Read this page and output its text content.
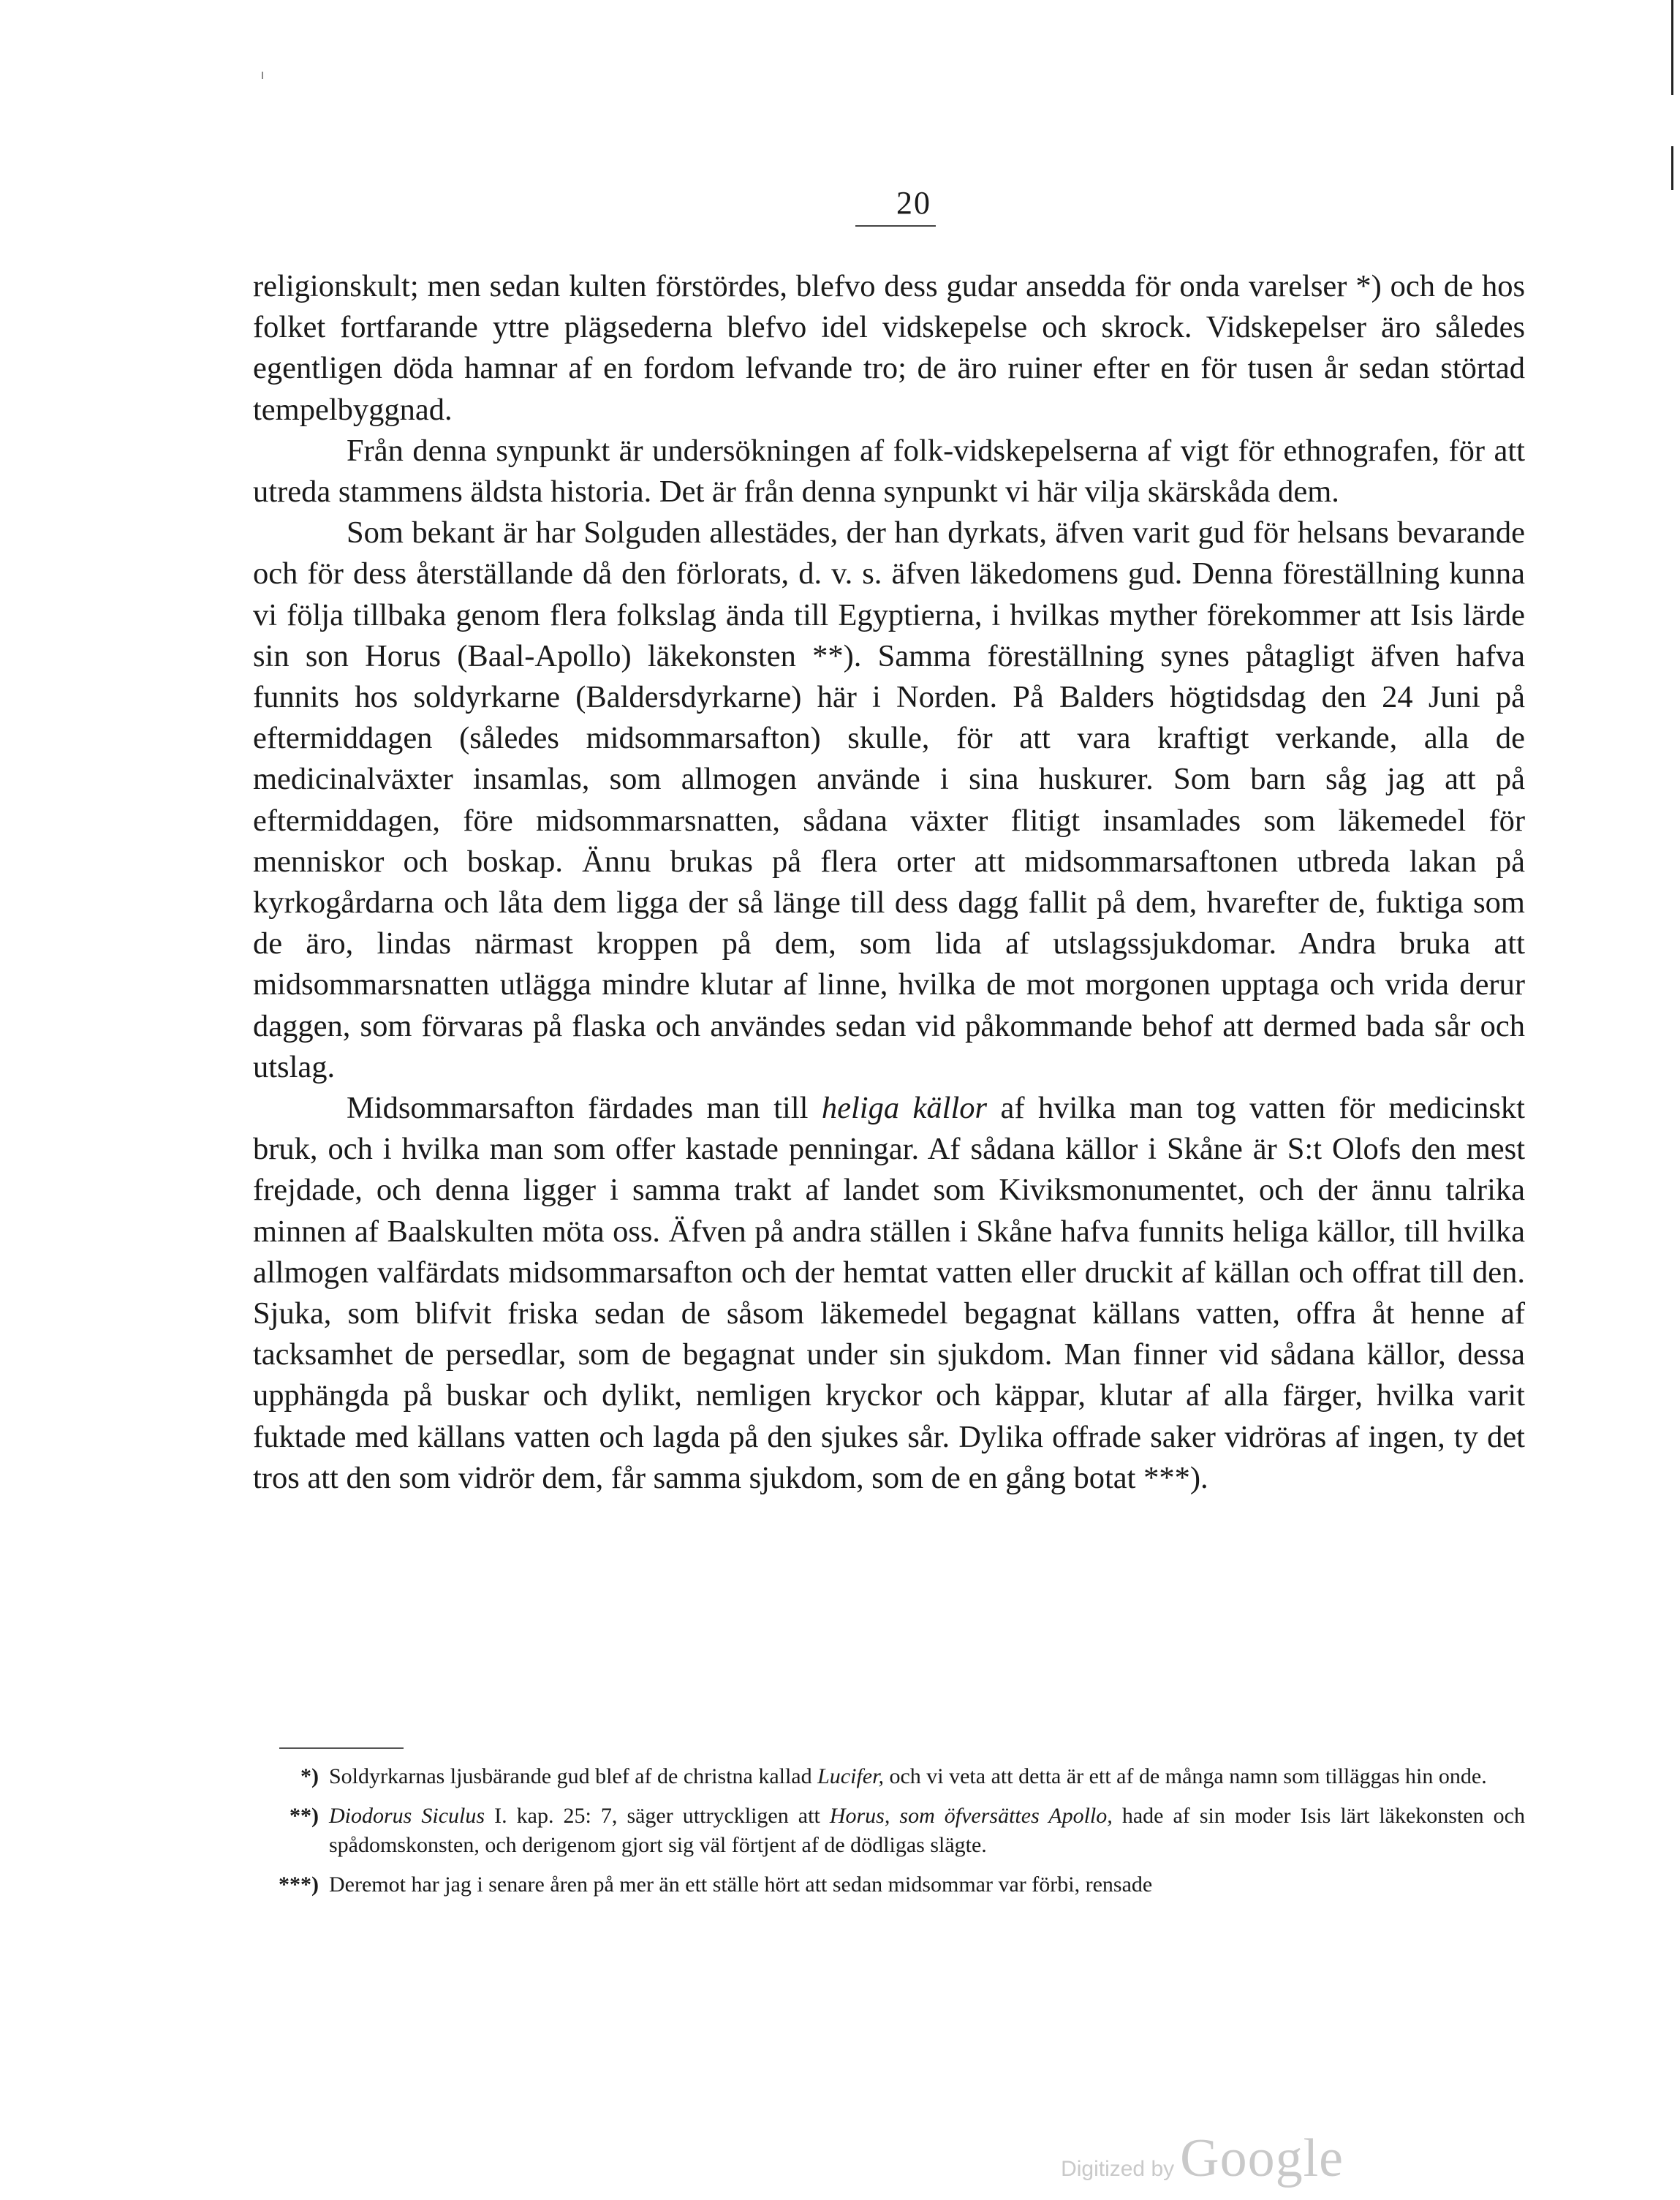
20

religionskult; men sedan kulten förstördes, blefvo dess gudar ansedda för onda varelser *) och de hos folket fortfarande yttre plägsederna blefvo idel vidskepelse och skrock. Vidskepelser äro således egentligen döda hamnar af en fordom lefvande tro; de äro ruiner efter en för tusen år sedan störtad tempelbyggnad.

Från denna synpunkt är undersökningen af folk-vidskepelserna af vigt för ethnografen, för att utreda stammens äldsta historia. Det är från denna synpunkt vi här vilja skärskåda dem.

Som bekant är har Solguden allestädes, der han dyrkats, äfven varit gud för helsans bevarande och för dess återställande då den förlorats, d. v. s. äfven läkedomens gud. Denna föreställning kunna vi följa tillbaka genom flera folkslag ända till Egyptierna, i hvilkas myther förekommer att Isis lärde sin son Horus (Baal-Apollo) läkekonsten **). Samma föreställning synes påtagligt äfven hafva funnits hos soldyrkarne (Baldersdyrkarne) här i Norden. På Balders högtidsdag den 24 Juni på eftermiddagen (således midsommarsafton) skulle, för att vara kraftigt verkande, alla de medicinalväxter insamlas, som allmogen använde i sina huskurer. Som barn såg jag att på eftermiddagen, före midsommarsnatten, sådana växter flitigt insamlades som läkemedel för menniskor och boskap. Ännu brukas på flera orter att midsommarsaftonen utbreda lakan på kyrkogårdarna och låta dem ligga der så länge till dess dagg fallit på dem, hvarefter de, fuktiga som de äro, lindas närmast kroppen på dem, som lida af utslagssjukdomar. Andra bruka att midsommarsnatten utlägga mindre klutar af linne, hvilka de mot morgonen upptaga och vrida derur daggen, som förvaras på flaska och användes sedan vid påkommande behof att dermed bada sår och utslag.

Midsommarsafton färdades man till heliga källor af hvilka man tog vatten för medicinskt bruk, och i hvilka man som offer kastade penningar. Af sådana källor i Skåne är S:t Olofs den mest frejdade, och denna ligger i samma trakt af landet som Kiviksmonumentet, och der ännu talrika minnen af Baalskulten möta oss. Äfven på andra ställen i Skåne hafva funnits heliga källor, till hvilka allmogen valfärdats midsommarsafton och der hemtat vatten eller druckit af källan och offrat till den. Sjuka, som blifvit friska sedan de såsom läkemedel begagnat källans vatten, offra åt henne af tacksamhet de persedlar, som de begagnat under sin sjukdom. Man finner vid sådana källor, dessa upphängda på buskar och dylikt, nemligen kryckor och käppar, klutar af alla färger, hvilka varit fuktade med källans vatten och lagda på den sjukes sår. Dylika offrade saker vidröras af ingen, ty det tros att den som vidrör dem, får samma sjukdom, som de en gång botat ***).

*) Soldyrkarnas ljusbärande gud blef af de christna kallad Lucifer, och vi veta att detta är ett af de många namn som tilläggas hin onde.
**) Diodorus Siculus I. kap. 25: 7, säger uttryckligen att Horus, som öfversättes Apollo, hade af sin moder Isis lärt läkekonsten och spådomskonsten, och derigenom gjort sig väl förtjent af de dödligas slägte.
***) Deremot har jag i senare åren på mer än ett ställe hört att sedan midsommar var förbi, rensade
Digitized by Google
